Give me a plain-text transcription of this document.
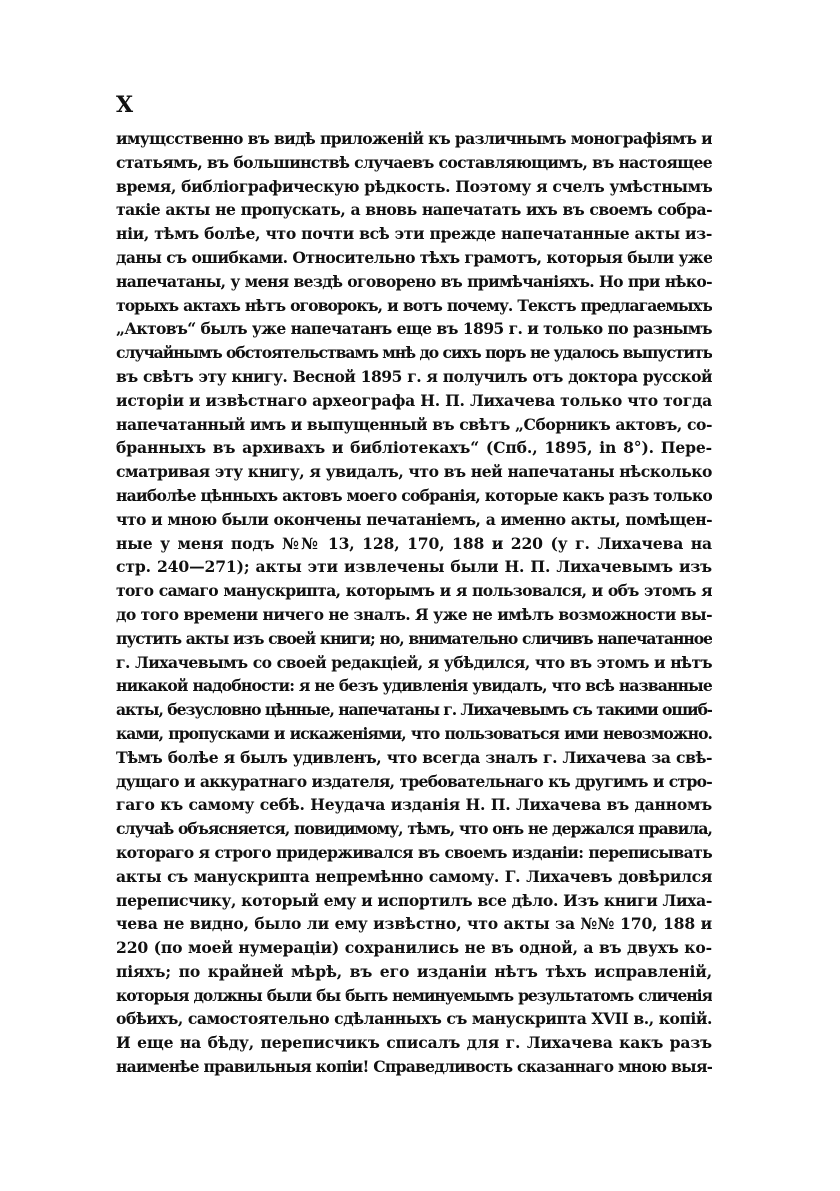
X

имущсственно въ видѣ приложенiй къ различнымъ монографiямъ и
статьямъ, въ большинствѣ случаевъ составляющимъ, въ настоящее
время, библiографическую рѣдкость. Поэтому я счелъ умѣстнымъ
такiе акты не пропускать, а вновь напечатать ихъ въ своемъ собра-
нiи, тѣмъ болѣе, что почти всѣ эти прежде напечатанные акты из-
даны съ ошибками. Относительно тѣхъ грамотъ, которыя были уже
напечатаны, у меня вездѣ оговорено въ примѣчанiяхъ. Но при нѣко-
торыхъ актахъ нѣтъ оговорокъ, и вотъ почему. Текстъ предлагаемыхъ
„Актовъ“ былъ уже напечатанъ еще въ 1895 г. и только по разнымъ
случайнымъ обстоятельствамъ мнѣ до сихъ поръ не удалось выпустить
въ свѣтъ эту книгу. Весной 1895 г. я получилъ отъ доктора русской
исторiи и извѣстнаго археографа Н. П. Лихачева только что тогда
напечатанный имъ и выпущенный въ свѣтъ „Сборникъ актовъ, со-
бранныхъ въ архивахъ и библiотекахъ“ (Спб., 1895, in 8°). Пере-
сматривая эту книгу, я увидалъ, что въ ней напечатаны нѣсколько
наиболѣе цѣнныхъ актовъ моего собранiя, которые какъ разъ только
что и мною были окончены печатанiемъ, а именно акты, помѣщен-
ные у меня подъ №№ 13, 128, 170, 188 и 220 (у г. Лихачева на
стр. 240—271); акты эти извлечены были Н. П. Лихачевымъ изъ
того самаго манускрипта, которымъ и я пользовался, и объ этомъ я
до того времени ничего не зналъ. Я уже не имѣлъ возможности вы-
пустить акты изъ своей книги; но, внимательно сличивъ напечатанное
г. Лихачевымъ со своей редакцiей, я убѣдился, что въ этомъ и нѣтъ
никакой надобности: я не безъ удивленiя увидалъ, что всѣ названные
акты, безусловно цѣнные, напечатаны г. Лихачевымъ съ такими ошиб-
ками, пропусками и искаженiями, что пользоваться ими невозможно.
Тѣмъ болѣе я былъ удивленъ, что всегда зналъ г. Лихачева за свѣ-
дущаго и аккуратнаго издателя, требовательнаго къ другимъ и стро-
гаго къ самому себѣ. Неудача изданiя Н. П. Лихачева въ данномъ
случаѣ объясняется, повидимому, тѣмъ, что онъ не держался правила,
котораго я строго придерживался въ своемъ изданiи: переписывать
акты съ манускрипта непремѣнно самому. Г. Лихачевъ довѣрился
переписчику, который ему и испортилъ все дѣло. Изъ книги Лиха-
чева не видно, было ли ему извѣстно, что акты за №№ 170, 188 и
220 (по моей нумерацiи) сохранились не въ одной, а въ двухъ ко-
пiяхъ; по крайней мѣрѣ, въ его изданiи нѣтъ тѣхъ исправленiй,
которыя должны были бы быть неминуемымъ результатомъ сличенiя
обѣихъ, самостоятельно сдѣланныхъ съ манускрипта XVII в., копiй.
И еще на бѣду, переписчикъ списалъ для г. Лихачева какъ разъ
наименѣе правильныя копiи! Справедливость сказаннаго мною выя-
